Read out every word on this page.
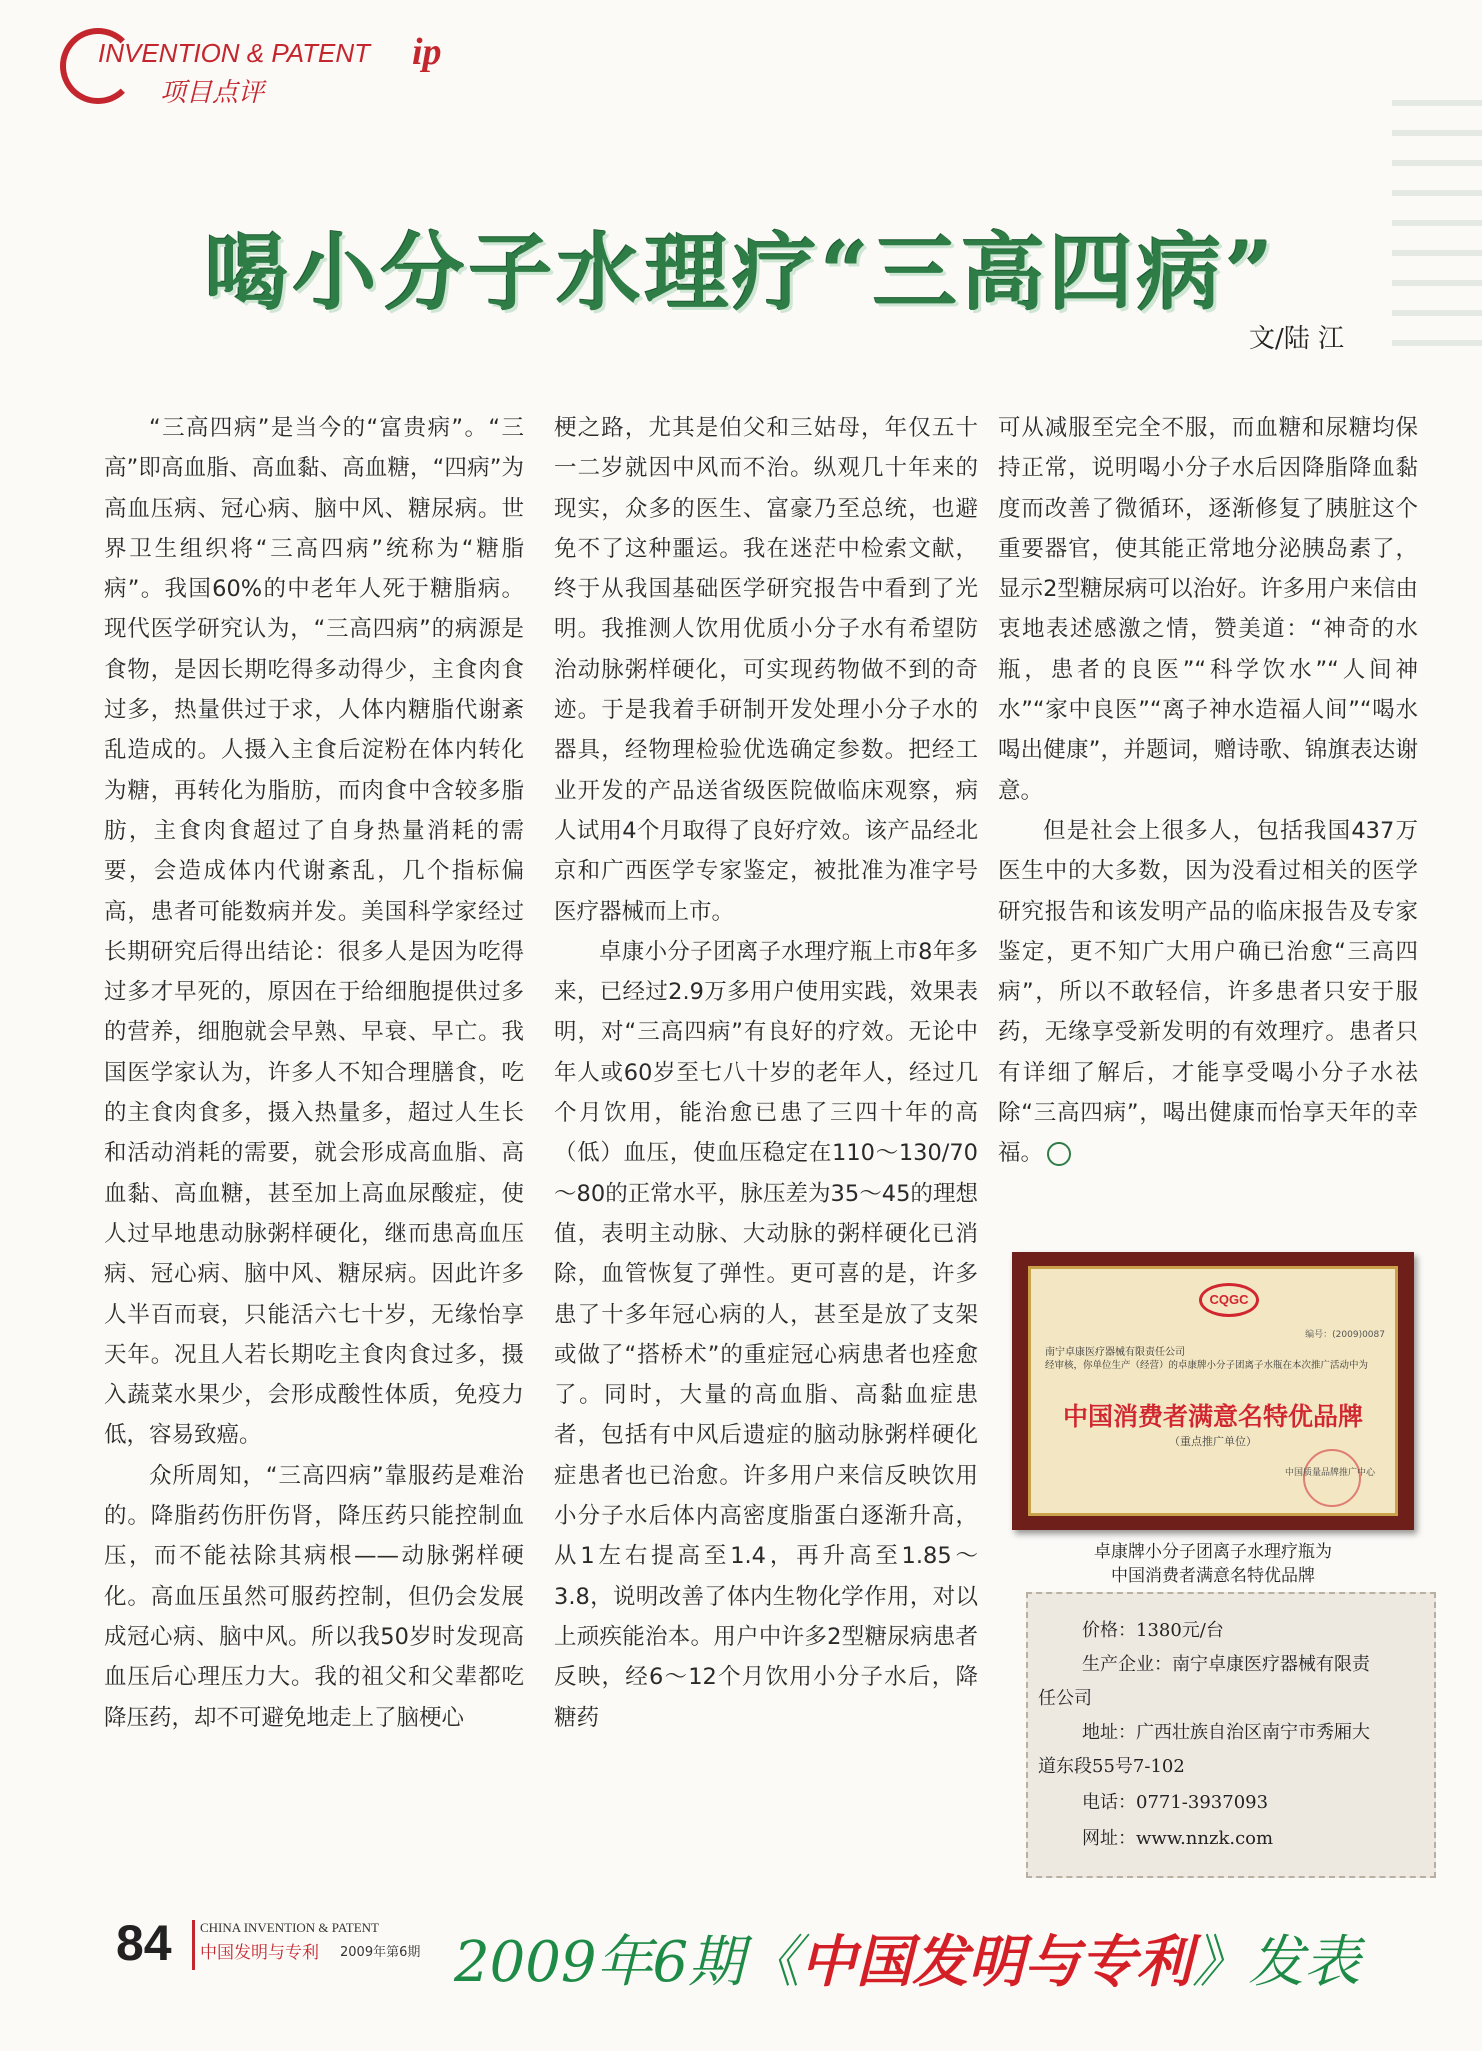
INVENTION & PATENT ip
项目点评
喝小分子水理疗“三高四病”
文/陆 江

“三高四病”是当今的“富贵病”。“三高”即高血脂、高血黏、高血糖，“四病”为高血压病、冠心病、脑中风、糖尿病。世界卫生组织将“三高四病”统称为“糖脂病”。我国60%的中老年人死于糖脂病。现代医学研究认为，“三高四病”的病源是食物，是因长期吃得多动得少，主食肉食过多，热量供过于求，人体内糖脂代谢紊乱造成的。人摄入主食后淀粉在体内转化为糖，再转化为脂肪，而肉食中含较多脂肪，主食肉食超过了自身热量消耗的需要，会造成体内代谢紊乱，几个指标偏高，患者可能数病并发。美国科学家经过长期研究后得出结论：很多人是因为吃得过多才早死的，原因在于给细胞提供过多的营养，细胞就会早熟、早衰、早亡。我国医学家认为，许多人不知合理膳食，吃的主食肉食多，摄入热量多，超过人生长和活动消耗的需要，就会形成高血脂、高血黏、高血糖，甚至加上高血尿酸症，使人过早地患动脉粥样硬化，继而患高血压病、冠心病、脑中风、糖尿病。因此许多人半百而衰，只能活六七十岁，无缘怡享天年。况且人若长期吃主食肉食过多，摄入蔬菜水果少，会形成酸性体质，免疫力低，容易致癌。

众所周知，“三高四病”靠服药是难治的。降脂药伤肝伤肾，降压药只能控制血压，而不能祛除其病根——动脉粥样硬化。高血压虽然可服药控制，但仍会发展成冠心病、脑中风。所以我50岁时发现高血压后心理压力大。我的祖父和父辈都吃降压药，却不可避免地走上了脑梗心

梗之路，尤其是伯父和三姑母，年仅五十一二岁就因中风而不治。纵观几十年来的现实，众多的医生、富豪乃至总统，也避免不了这种噩运。我在迷茫中检索文献，终于从我国基础医学研究报告中看到了光明。我推测人饮用优质小分子水有希望防治动脉粥样硬化，可实现药物做不到的奇迹。于是我着手研制开发处理小分子水的器具，经物理检验优选确定参数。把经工业开发的产品送省级医院做临床观察，病人试用4个月取得了良好疗效。该产品经北京和广西医学专家鉴定，被批准为准字号医疗器械而上市。

卓康小分子团离子水理疗瓶上市8年多来，已经过2.9万多用户使用实践，效果表明，对“三高四病”有良好的疗效。无论中年人或60岁至七八十岁的老年人，经过几个月饮用，能治愈已患了三四十年的高（低）血压，使血压稳定在110～130/70～80的正常水平，脉压差为35～45的理想值，表明主动脉、大动脉的粥样硬化已消除，血管恢复了弹性。更可喜的是，许多患了十多年冠心病的人，甚至是放了支架或做了“搭桥术”的重症冠心病患者也痊愈了。同时，大量的高血脂、高黏血症患者，包括有中风后遗症的脑动脉粥样硬化症患者也已治愈。许多用户来信反映饮用小分子水后体内高密度脂蛋白逐渐升高，从1左右提高至1.4，再升高至1.85～3.8，说明改善了体内生物化学作用，对以上顽疾能治本。用户中许多2型糖尿病患者反映，经6～12个月饮用小分子水后，降糖药

可从减服至完全不服，而血糖和尿糖均保持正常，说明喝小分子水后因降脂降血黏度而改善了微循环，逐渐修复了胰脏这个重要器官，使其能正常地分泌胰岛素了，显示2型糖尿病可以治好。许多用户来信由衷地表述感激之情，赞美道：“神奇的水瓶，患者的良医”“科学饮水”“人间神水”“家中良医”“离子神水造福人间”“喝水喝出健康”，并题词，赠诗歌、锦旗表达谢意。

但是社会上很多人，包括我国437万医生中的大多数，因为没看过相关的医学研究报告和该发明产品的临床报告及专家鉴定，更不知广大用户确已治愈“三高四病”，所以不敢轻信，许多患者只安于服药，无缘享受新发明的有效理疗。患者只有详细了解后，才能享受喝小分子水祛除“三高四病”，喝出健康而怡享天年的幸福。

CQGC
编号：(2009)0087
南宁卓康医疗器械有限责任公司
经审核，你单位生产（经营）的卓康牌小分子团离子水瓶在本次推广活动中为
中国消费者满意名特优品牌
（重点推广单位）
中国质量品牌推广中心
卓康牌小分子团离子水理疗瓶为
中国消费者满意名特优品牌
价格：1380元/台
生产企业：南宁卓康医疗器械有限责
任公司
地址：广西壮族自治区南宁市秀厢大
道东段55号7-102
电话：0771-3937093
网址：www.nnzk.com
84 CHINA INVENTION & PATENT
中国发明与专利 2009年第6期 2009年6期《中国发明与专利》发表
